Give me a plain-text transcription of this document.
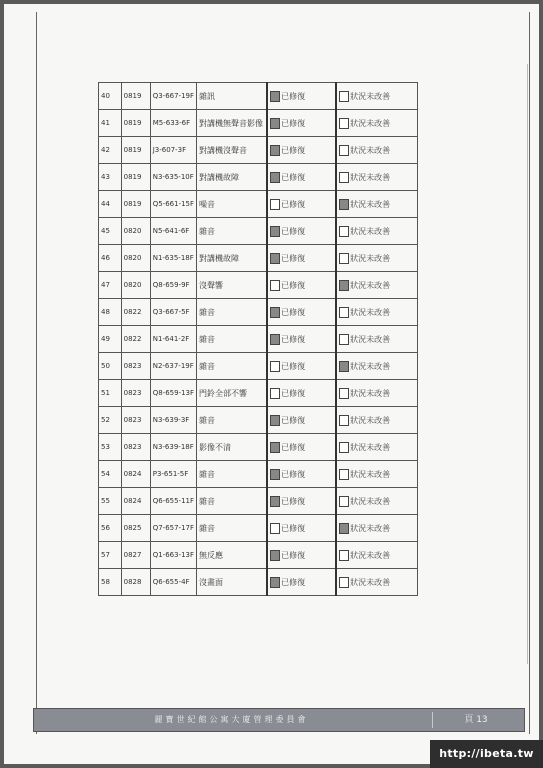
40	0819	Q3-667-19F	雜訊	已修復	狀況未改善
41	0819	M5-633-6F	對講機無聲音影像	已修復	狀況未改善
42	0819	J3-607-3F	對講機沒聲音	已修復	狀況未改善
43	0819	N3-635-10F	對講機故障	已修復	狀況未改善
44	0819	Q5-661-15F	噪音	已修復	狀況未改善
45	0820	N5-641-6F	雜音	已修復	狀況未改善
46	0820	N1-635-18F	對講機故障	已修復	狀況未改善
47	0820	Q8-659-9F	沒聲響	已修復	狀況未改善
48	0822	Q3-667-5F	雜音	已修復	狀況未改善
49	0822	N1-641-2F	雜音	已修復	狀況未改善
50	0823	N2-637-19F	雜音	已修復	狀況未改善
51	0823	Q8-659-13F	門鈴全部不響	已修復	狀況未改善
52	0823	N3-639-3F	雜音	已修復	狀況未改善
53	0823	N3-639-18F	影像不清	已修復	狀況未改善
54	0824	P3-651-5F	雜音	已修復	狀況未改善
55	0824	Q6-655-11F	雜音	已修復	狀況未改善
56	0825	Q7-657-17F	雜音	已修復	狀況未改善
57	0827	Q1-663-13F	無反應	已修復	狀況未改善
58	0828	Q6-655-4F	沒畫面	已修復	狀況未改善
麗寶世紀館公寓大廈管理委員會	頁 13
http://ibeta.tw
